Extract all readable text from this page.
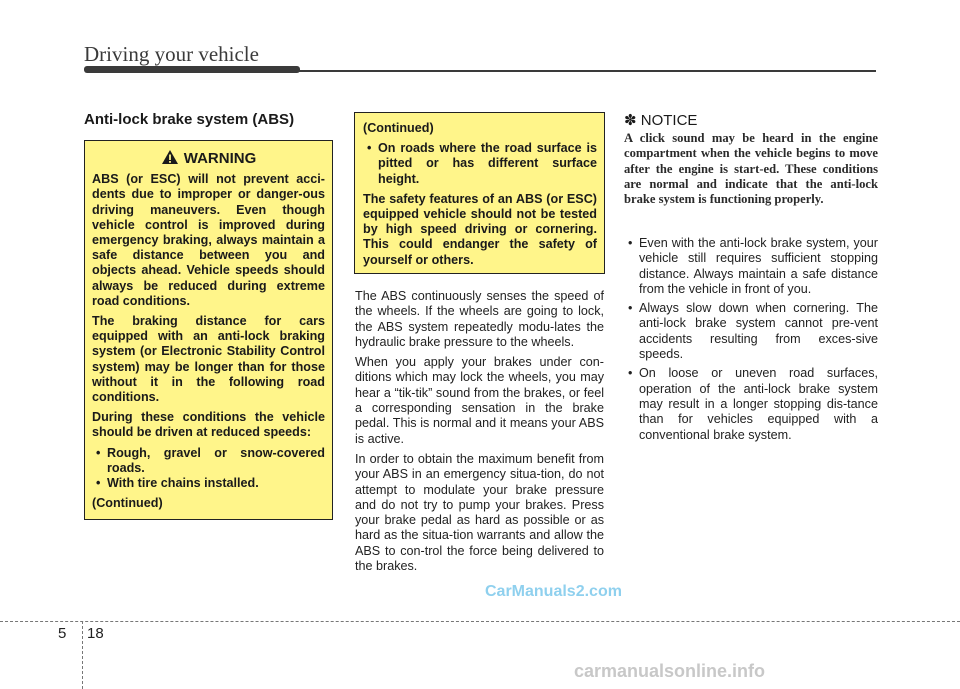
Driving your vehicle
Anti-lock brake system (ABS)
WARNING

ABS (or ESC) will not prevent acci-dents due to improper or danger-ous driving maneuvers. Even though vehicle control is improved during emergency braking, always maintain a safe distance between you and objects ahead. Vehicle speeds should always be reduced during extreme road conditions.

The braking distance for cars equipped with an anti-lock braking system (or Electronic Stability Control system) may be longer than for those without it in the following road conditions.

During these conditions the vehicle should be driven at reduced speeds:

• Rough, gravel or snow-covered roads.
• With tire chains installed.

(Continued)

(Continued)

• On roads where the road surface is pitted or has different surface height.

The safety features of an ABS (or ESC) equipped vehicle should not be tested by high speed driving or cornering. This could endanger the safety of yourself or others.

The ABS continuously senses the speed of the wheels. If the wheels are going to lock, the ABS system repeatedly modu-lates the hydraulic brake pressure to the wheels.

When you apply your brakes under con-ditions which may lock the wheels, you may hear a “tik-tik” sound from the brakes, or feel a corresponding sensation in the brake pedal. This is normal and it means your ABS is active.

In order to obtain the maximum benefit from your ABS in an emergency situa-tion, do not attempt to modulate your brake pressure and do not try to pump your brakes. Press your brake pedal as hard as possible or as hard as the situa-tion warrants and allow the ABS to con-trol the force being delivered to the brakes.

✽ NOTICE
A click sound may be heard in the engine compartment when the vehicle begins to move after the engine is start-ed. These conditions are normal and indicate that the anti-lock brake system is functioning properly.
• Even with the anti-lock brake system, your vehicle still requires sufficient stopping distance. Always maintain a safe distance from the vehicle in front of you.
• Always slow down when cornering. The anti-lock brake system cannot pre-vent accidents resulting from exces-sive speeds.
• On loose or uneven road surfaces, operation of the anti-lock brake system may result in a longer stopping dis-tance than for vehicles equipped with a conventional brake system.
CarManuals2.com
5 18
carmanualsonline.info
